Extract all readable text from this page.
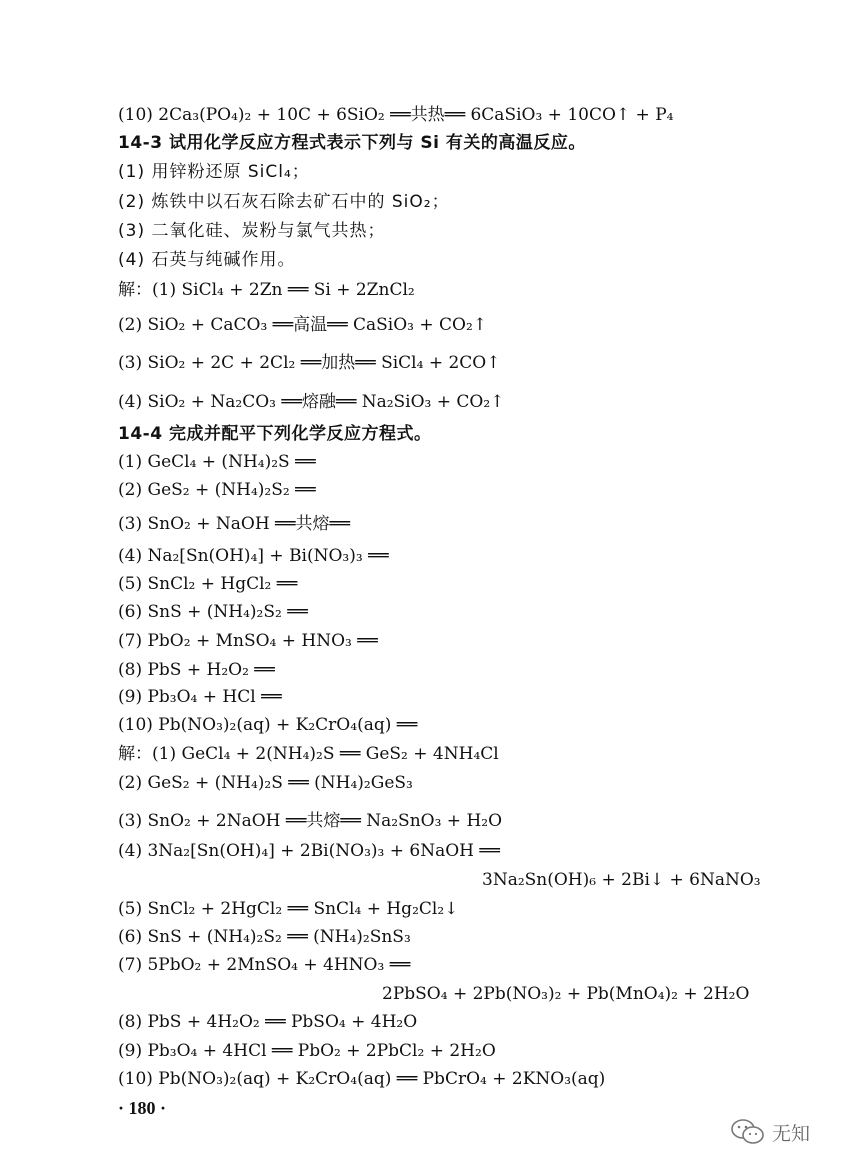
(10) 2Ca₃(PO₄)₂ + 10C + 6SiO₂ ══共热══ 6CaSiO₃ + 10CO↑ + P₄
14-3 试用化学反应方程式表示下列与 Si 有关的高温反应。
(1) 用锌粉还原 SiCl₄；
(2) 炼铁中以石灰石除去矿石中的 SiO₂；
(3) 二氧化硅、炭粉与氯气共热；
(4) 石英与纯碱作用。
解：(1) SiCl₄ + 2Zn ══ Si + 2ZnCl₂
(2) SiO₂ + CaCO₃ ══高温══ CaSiO₃ + CO₂↑
(3) SiO₂ + 2C + 2Cl₂ ══加热══ SiCl₄ + 2CO↑
(4) SiO₂ + Na₂CO₃ ══熔融══ Na₂SiO₃ + CO₂↑
14-4 完成并配平下列化学反应方程式。
(1) GeCl₄ + (NH₄)₂S ══
(2) GeS₂ + (NH₄)₂S₂ ══
(3) SnO₂ + NaOH ══共熔══
(4) Na₂[Sn(OH)₄] + Bi(NO₃)₃ ══
(5) SnCl₂ + HgCl₂ ══
(6) SnS + (NH₄)₂S₂ ══
(7) PbO₂ + MnSO₄ + HNO₃ ══
(8) PbS + H₂O₂ ══
(9) Pb₃O₄ + HCl ══
(10) Pb(NO₃)₂(aq) + K₂CrO₄(aq) ══
解：(1) GeCl₄ + 2(NH₄)₂S ══ GeS₂ + 4NH₄Cl
(2) GeS₂ + (NH₄)₂S ══ (NH₄)₂GeS₃
(3) SnO₂ + 2NaOH ══共熔══ Na₂SnO₃ + H₂O
(4) 3Na₂[Sn(OH)₄] + 2Bi(NO₃)₃ + 6NaOH ══
3Na₂Sn(OH)₆ + 2Bi↓ + 6NaNO₃
(5) SnCl₂ + 2HgCl₂ ══ SnCl₄ + Hg₂Cl₂↓
(6) SnS + (NH₄)₂S₂ ══ (NH₄)₂SnS₃
(7) 5PbO₂ + 2MnSO₄ + 4HNO₃ ══
2PbSO₄ + 2Pb(NO₃)₂ + Pb(MnO₄)₂ + 2H₂O
(8) PbS + 4H₂O₂ ══ PbSO₄ + 4H₂O
(9) Pb₃O₄ + 4HCl ══ PbO₂ + 2PbCl₂ + 2H₂O
(10) Pb(NO₃)₂(aq) + K₂CrO₄(aq) ══ PbCrO₄ + 2KNO₃(aq)
· 180 ·
无知
